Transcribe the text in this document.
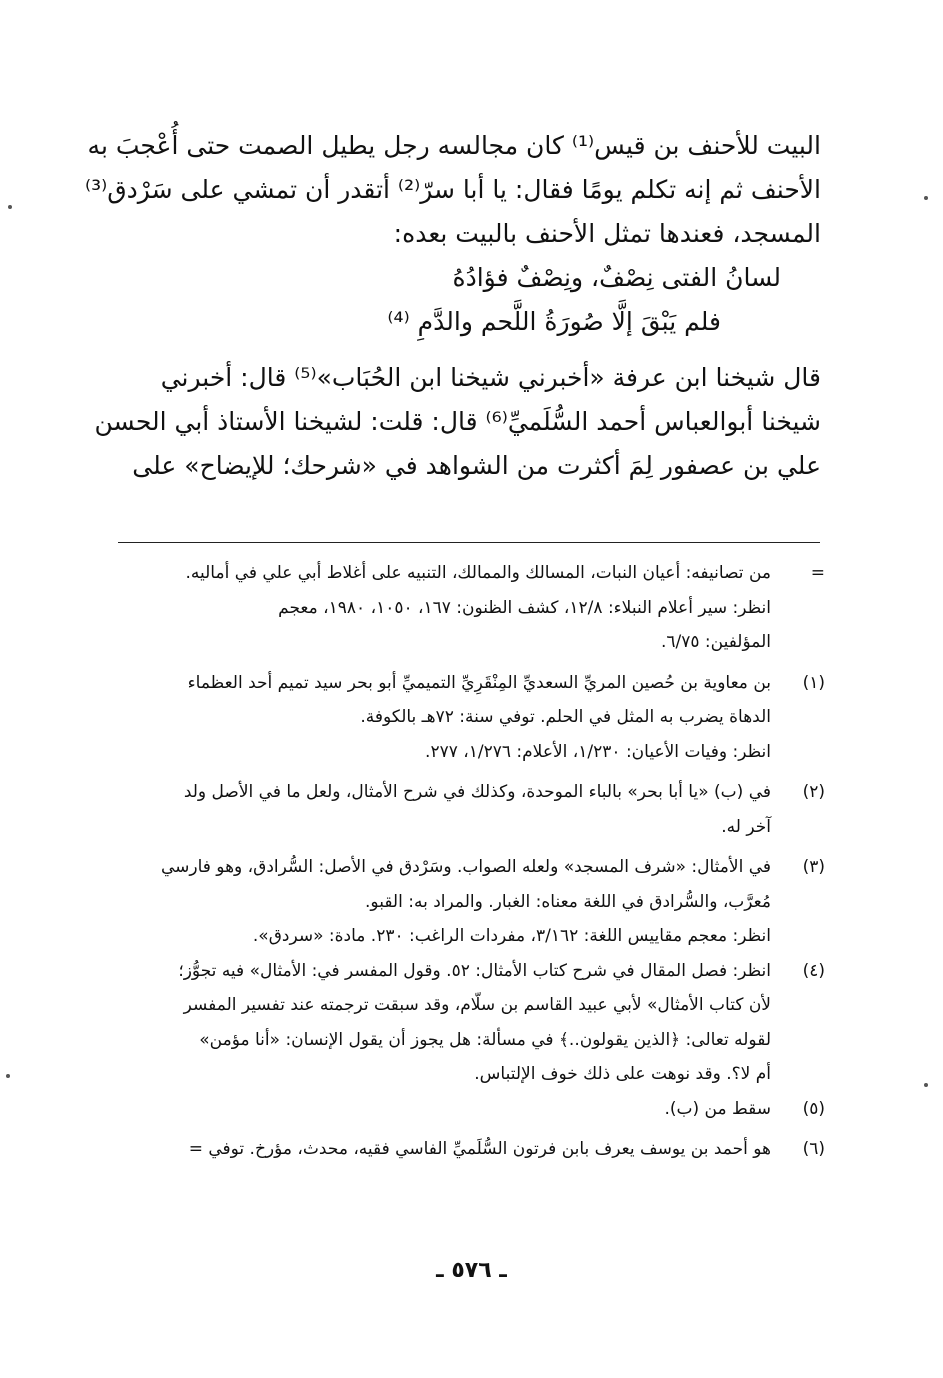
البيت للأحنف بن قيس⁽¹⁾ كان مجالسه رجل يطيل الصمت حتى أُعْجبَ به
الأحنف ثم إنه تكلم يومًا فقال: يا أبا سرّ⁽²⁾ أتقدر أن تمشي على سَرْدق⁽³⁾
المسجد، فعندها تمثل الأحنف بالبيت بعده:
لسانُ الفتى نِصْفٌ، ونِصْفٌ فؤادُهُ
فلم يَبْقَ إلَّا صُورَةُ اللَّحم والدَّمِ ⁽⁴⁾
قال شيخنا ابن عرفة «أخبرني شيخنا ابن الحُبَاب»⁽⁵⁾ قال: أخبرني
شيخنا أبوالعباس أحمد السُّلَميِّ⁽⁶⁾ قال: قلت: لشيخنا الأستاذ أبي الحسن
علي بن عصفور لِمَ أكثرت من الشواهد في «شرحك؛ للإيضاح» على
=
من تصانيفه: أعيان النبات، المسالك والممالك، التنبيه على أغلاط أبي علي في أماليه.
انظر: سير أعلام النبلاء: ١٢/٨، كشف الظنون: ١٦٧، ١٠٥٠، ١٩٨٠، معجم
المؤلفين: ٦/٧٥.
(١)
بن معاوية بن حُصين المريِّ السعديِّ المِنْقَرِيِّ التميميِّ أبو بحر سيد تميم أحد العظماء
الدهاة يضرب به المثل في الحلم. توفي سنة: ٧٢هـ بالكوفة.
انظر: وفيات الأعيان: ١/٢٣٠، الأعلام: ١/٢٧٦، ٢٧٧.
(٢)
في (ب) «يا أبا بحر» بالباء الموحدة، وكذلك في شرح الأمثال، ولعل ما في الأصل ولد
آخر له.
(٣)
في الأمثال: «شرف المسجد» ولعله الصواب. وسَرْدق في الأصل: السُّرادق، وهو فارسي
مُعرَّب، والسُّرادق في اللغة معناه: الغبار. والمراد به: القبو.
انظر: معجم مقاييس اللغة: ٣/١٦٢، مفردات الراغب: ٢٣٠. مادة: «سردق».
(٤)
انظر: فصل المقال في شرح كتاب الأمثال: ٥٢. وقول المفسر في: الأمثال» فيه تجوُّز؛
لأن كتاب الأمثال» لأبي عبيد القاسم بن سلّام، وقد سبقت ترجمته عند تفسير المفسر
لقوله تعالى: ﴿الذين يقولون..﴾ في مسألة: هل يجوز أن يقول الإنسان: «أنا مؤمن»
أم لا؟. وقد نوهت على ذلك خوف الإلتباس.
(٥)
سقط من (ب).
(٦)
هو أحمد بن يوسف يعرف بابن فرتون السُّلَميِّ الفاسي فقيه، محدث، مؤرخ. توفي =
ـ ٥٧٦ ـ
